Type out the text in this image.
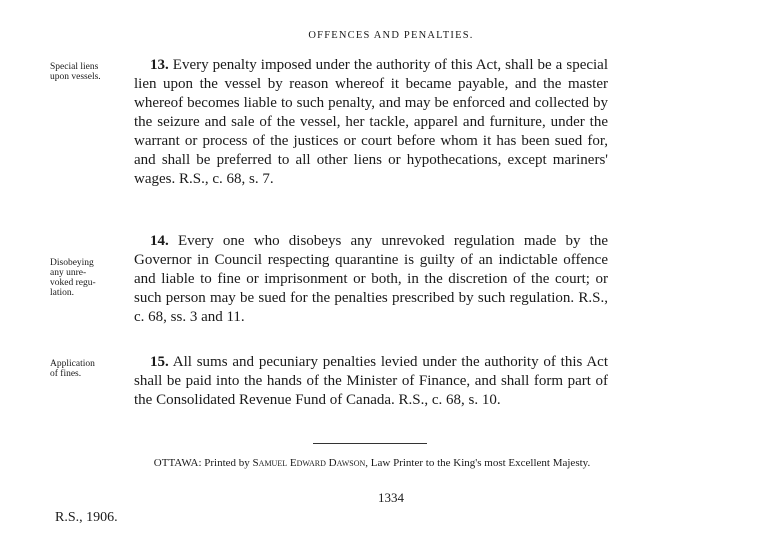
OFFENCES AND PENALTIES.
Special liens
upon vessels.
13. Every penalty imposed under the authority of this Act, shall be a special lien upon the vessel by reason whereof it became payable, and the master whereof becomes liable to such penalty, and may be enforced and collected by the seizure and sale of the vessel, her tackle, apparel and furniture, under the warrant or process of the justices or court before whom it has been sued for, and shall be preferred to all other liens or hypothecations, except mariners' wages. R.S., c. 68, s. 7.
Disobeying
any unre-
voked regu-
lation.
14. Every one who disobeys any unrevoked regulation made by the Governor in Council respecting quarantine is guilty of an indictable offence and liable to fine or imprisonment or both, in the discretion of the court; or such person may be sued for the penalties prescribed by such regulation. R.S., c. 68, ss. 3 and 11.
Application
of fines.
15. All sums and pecuniary penalties levied under the authority of this Act shall be paid into the hands of the Minister of Finance, and shall form part of the Consolidated Revenue Fund of Canada. R.S., c. 68, s. 10.
OTTAWA: Printed by Samuel Edward Dawson, Law Printer to the King's most Excellent Majesty.
1334
R.S., 1906.
